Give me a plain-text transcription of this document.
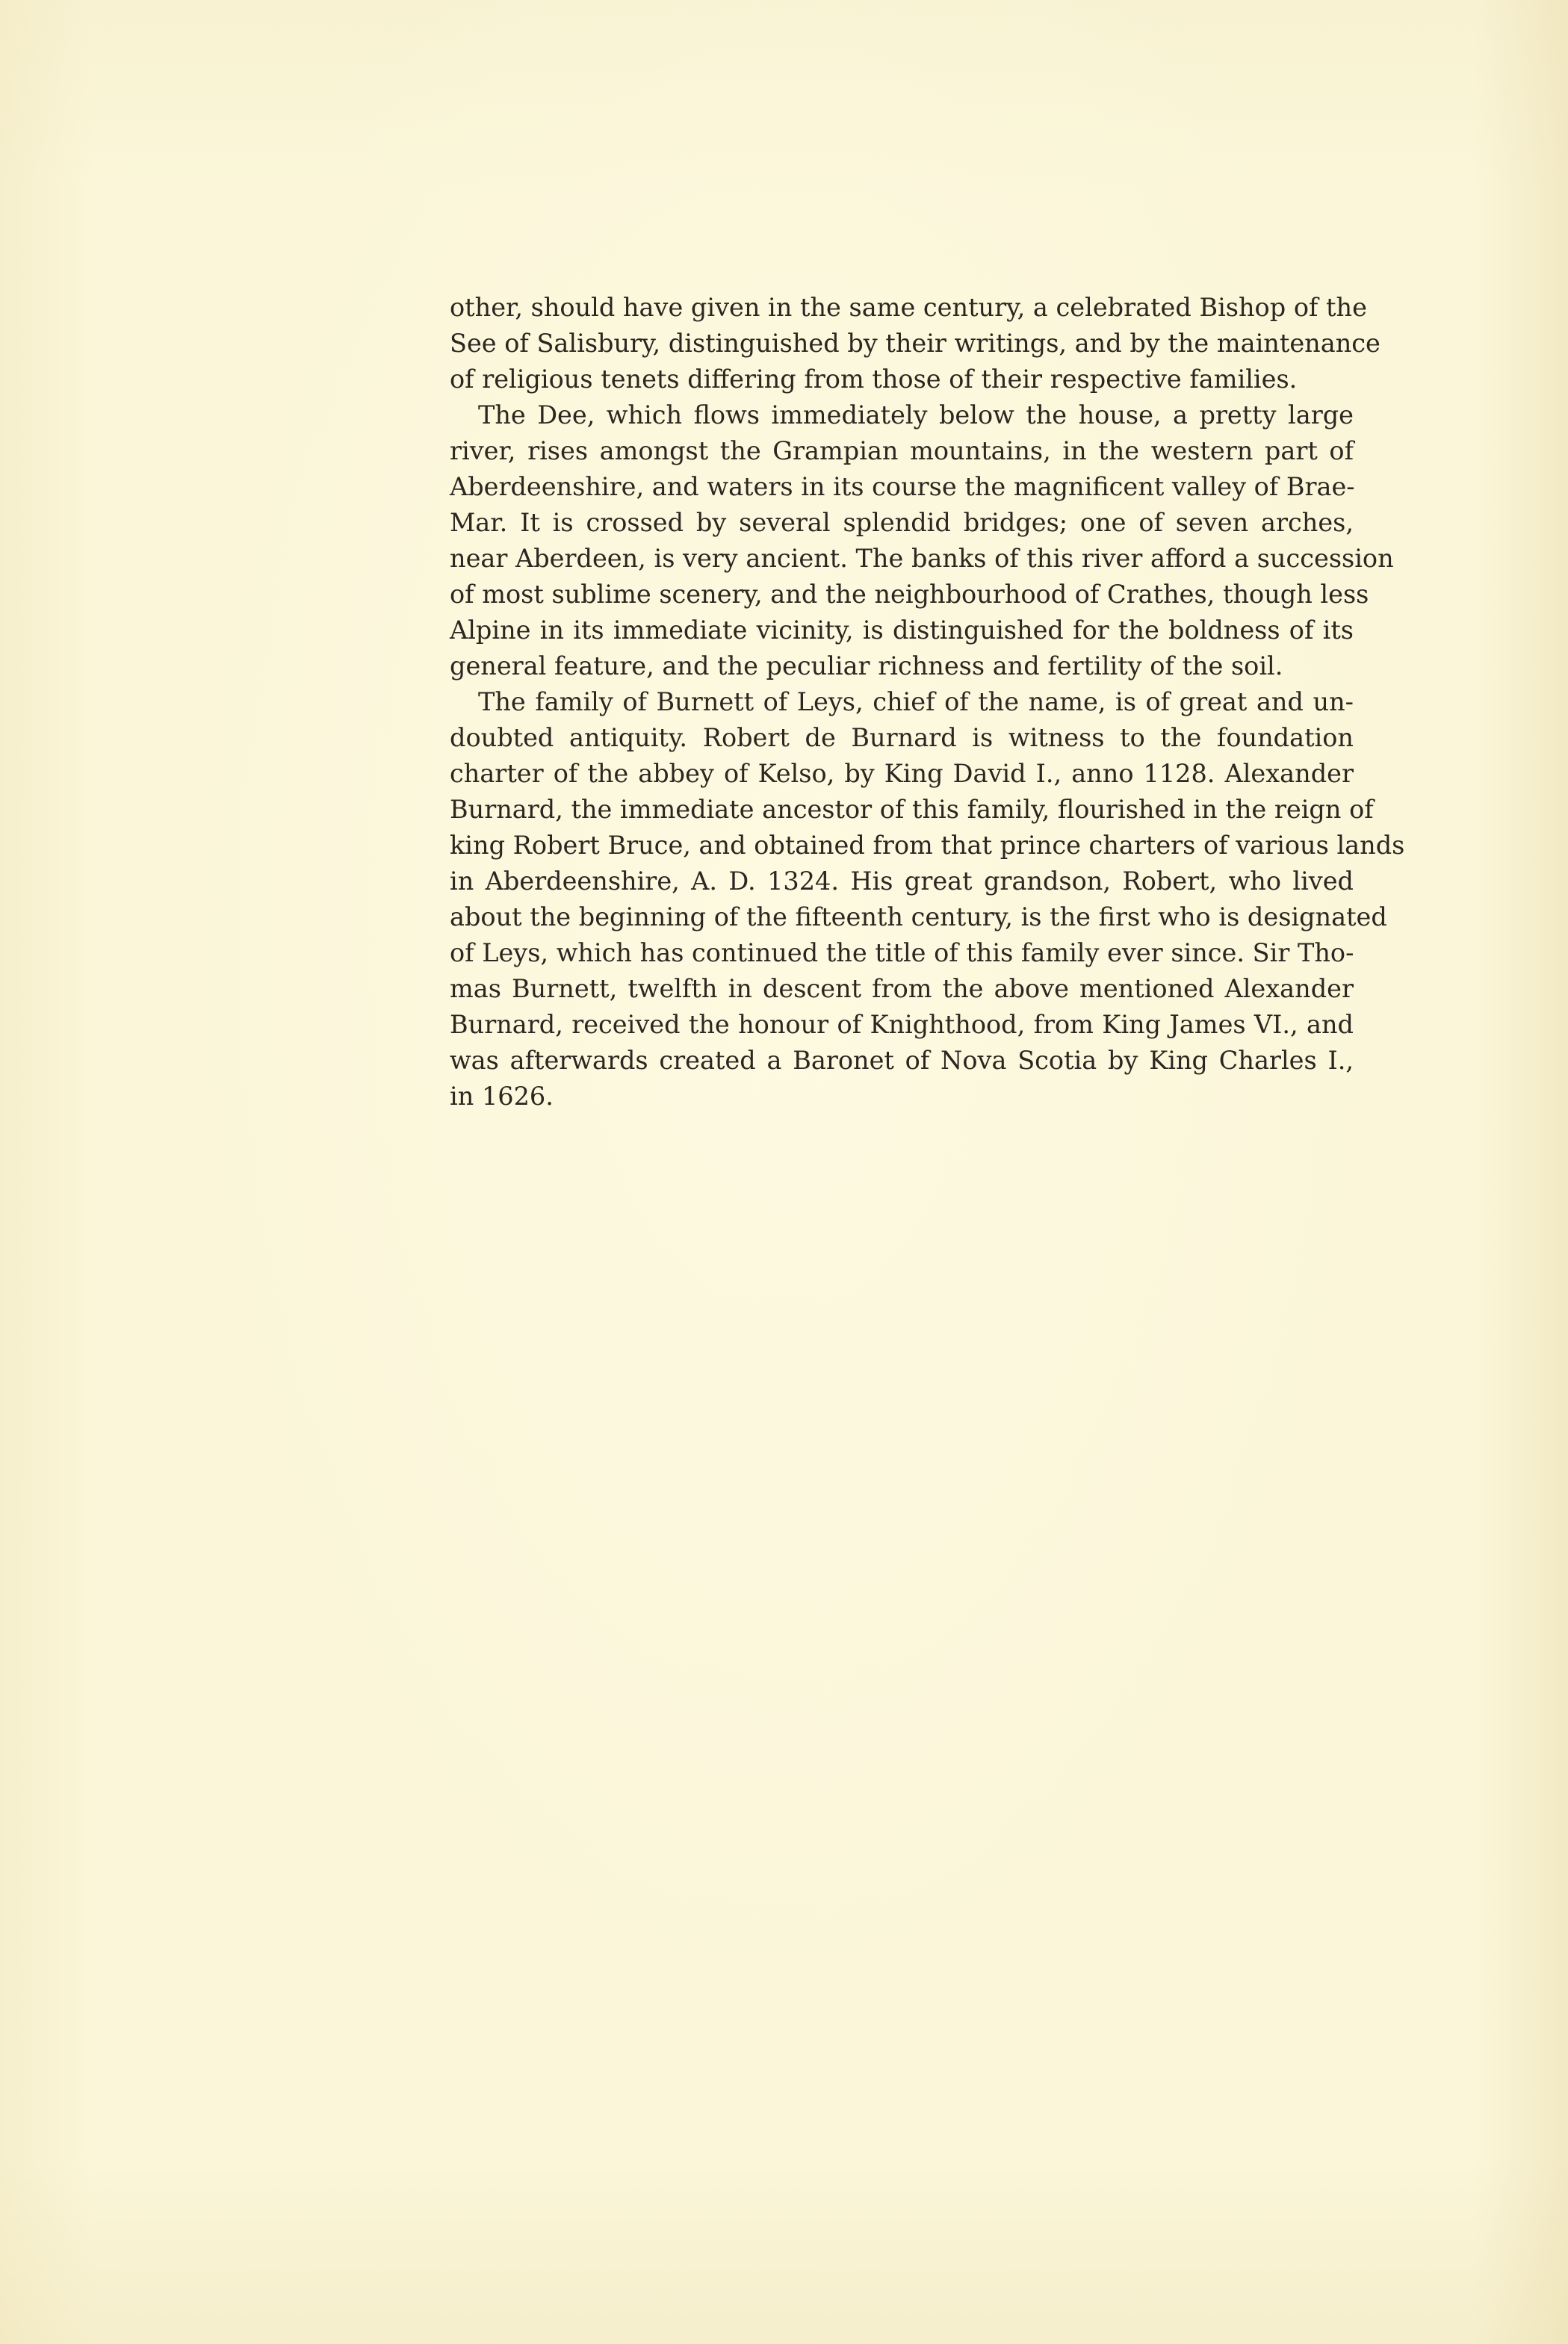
other, should have given in the same century, a celebrated Bishop of the
See of Salisbury, distinguished by their writings, and by the maintenance
of religious tenets differing from those of their respective families.
The Dee, which flows immediately below the house, a pretty large
river, rises amongst the Grampian mountains, in the western part of
Aberdeenshire, and waters in its course the magnificent valley of Brae-
Mar. It is crossed by several splendid bridges; one of seven arches,
near Aberdeen, is very ancient. The banks of this river afford a succession
of most sublime scenery, and the neighbourhood of Crathes, though less
Alpine in its immediate vicinity, is distinguished for the boldness of its
general feature, and the peculiar richness and fertility of the soil.
The family of Burnett of Leys, chief of the name, is of great and un-
doubted antiquity. Robert de Burnard is witness to the foundation
charter of the abbey of Kelso, by King David I., anno 1128. Alexander
Burnard, the immediate ancestor of this family, flourished in the reign of
king Robert Bruce, and obtained from that prince charters of various lands
in Aberdeenshire, A. D. 1324. His great grandson, Robert, who lived
about the beginning of the fifteenth century, is the first who is designated
of Leys, which has continued the title of this family ever since. Sir Tho-
mas Burnett, twelfth in descent from the above mentioned Alexander
Burnard, received the honour of Knighthood, from King James VI., and
was afterwards created a Baronet of Nova Scotia by King Charles I.,
in 1626.
